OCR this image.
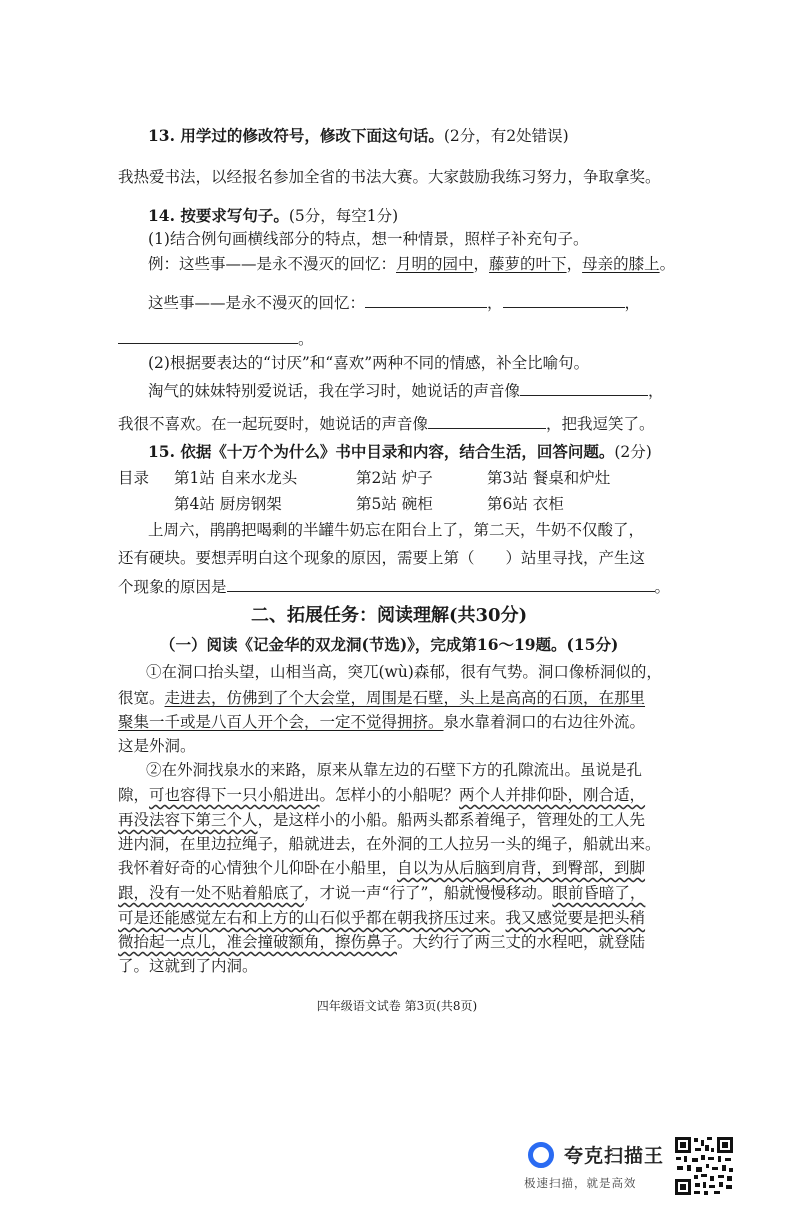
13. 用学过的修改符号，修改下面这句话。(2分，有2处错误)
我热爱书法，以经报名参加全省的书法大赛。大家鼓励我练习努力，争取拿奖。
14. 按要求写句子。(5分，每空1分)
(1)结合例句画横线部分的特点，想一种情景，照样子补充句子。
例：这些事——是永不漫灭的回忆：月明的园中，藤萝的叶下，母亲的膝上。
这些事——是永不漫灭的回忆：	，	，
。
(2)根据要表达的“讨厌”和“喜欢”两种不同的情感，补全比喻句。
淘气的妹妹特别爱说话，我在学习时，她说话的声音像	，
我很不喜欢。在一起玩耍时，她说话的声音像	，把我逗笑了。
15. 依据《十万个为什么》书中目录和内容，结合生活，回答问题。(2分)
目录 第1站 自来水龙头	第2站 炉子	第3站 餐桌和炉灶
第4站 厨房钢架	第5站 碗柜	第6站 衣柜
上周六，鹃鹃把喝剩的半罐牛奶忘在阳台上了，第二天，牛奶不仅酸了，
还有硬块。要想弄明白这个现象的原因，需要上第（　　）站里寻找，产生这
个现象的原因是	。
二、拓展任务：阅读理解(共30分)
（一）阅读《记金华的双龙洞(节选)》，完成第16～19题。(15分)
①在洞口抬头望，山相当高，突兀(wù)森郁，很有气势。洞口像桥洞似的，
很宽。走进去，仿佛到了个大会堂，周围是石壁，头上是高高的石顶，在那里
聚集一千或是八百人开个会，一定不觉得拥挤。泉水靠着洞口的右边往外流。
这是外洞。
②在外洞找泉水的来路，原来从靠左边的石壁下方的孔隙流出。虽说是孔
隙，可也容得下一只小船进出。怎样小的小船呢？两个人并排仰卧，刚合适，
再没法容下第三个人，是这样小的小船。船两头都系着绳子，管理处的工人先
进内洞，在里边拉绳子，船就进去，在外洞的工人拉另一头的绳子，船就出来。
我怀着好奇的心情独个儿仰卧在小船里，自以为从后脑到肩背，到臀部，到脚
跟，没有一处不贴着船底了，才说一声“行了”，船就慢慢移动。眼前昏暗了，
可是还能感觉左右和上方的山石似乎都在朝我挤压过来。我又感觉要是把头稍
微抬起一点儿，准会撞破额角，擦伤鼻子。大约行了两三丈的水程吧，就登陆
了。这就到了内洞。
四年级语文试卷 第3页(共8页)
夸克扫描王
极速扫描，就是高效
